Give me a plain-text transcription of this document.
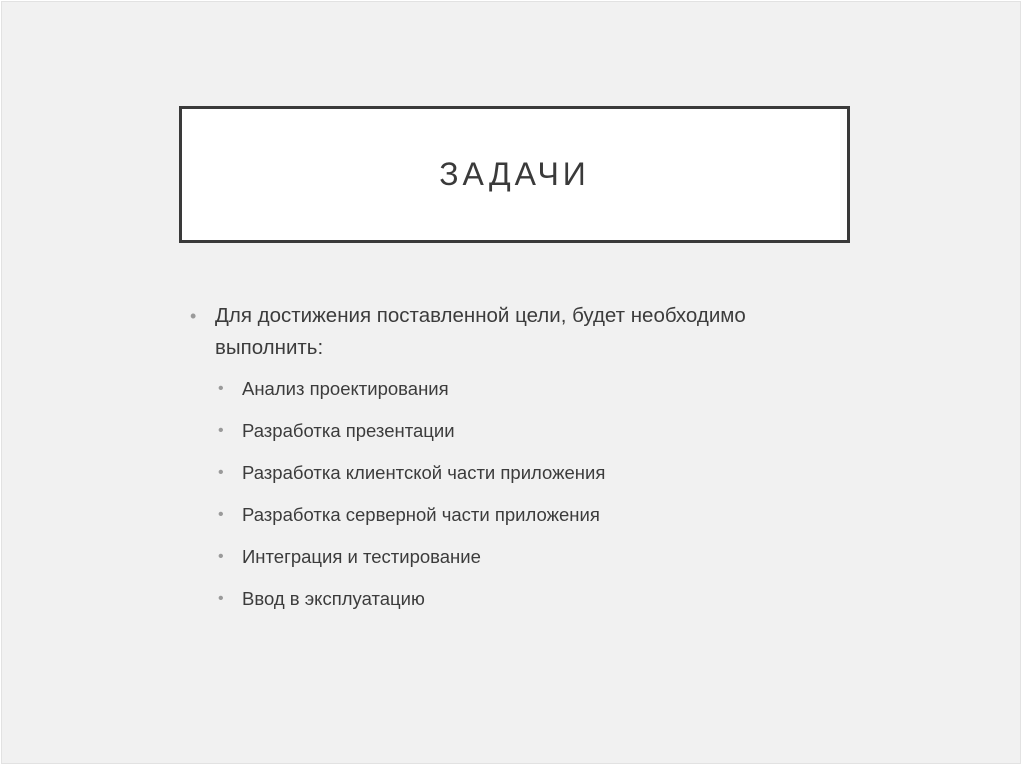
ЗАДАЧИ

• Для достижения поставленной цели, будет необходимо выполнить:

• Анализ проектирования
• Разработка презентации
• Разработка клиентской части приложения
• Разработка серверной части приложения
• Интеграция и тестирование
• Ввод в эксплуатацию
